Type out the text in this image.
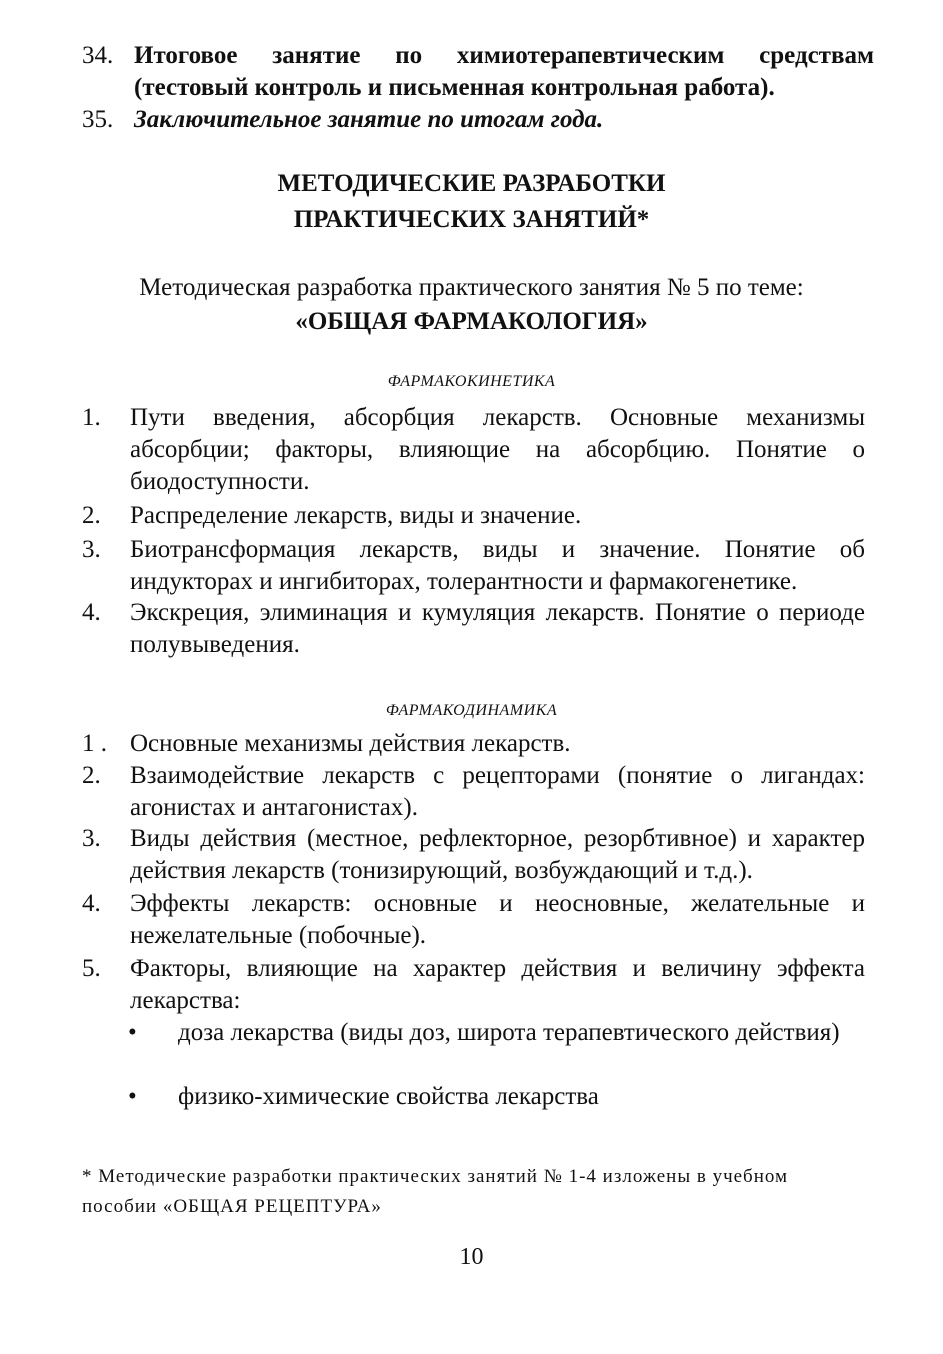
34. Итоговое занятие по химиотерапевтическим средствам (тестовый контроль и письменная контрольная работа).
35. Заключительное занятие по итогам года.
МЕТОДИЧЕСКИЕ РАЗРАБОТКИ
ПРАКТИЧЕСКИХ ЗАНЯТИЙ*
Методическая разработка практического занятия № 5 по теме:
«ОБЩАЯ ФАРМАКОЛОГИЯ»
ФАРМАКОКИНЕТИКА
1. Пути введения, абсорбция лекарств. Основные механизмы абсорбции; факторы, влияющие на абсорбцию. Понятие о биодоступности.
2. Распределение лекарств, виды и значение.
3. Биотрансформация лекарств, виды и значение. Понятие об индукторах и ингибиторах, толерантности и фармакогенетике.
4. Экскреция, элиминация и кумуляция лекарств. Понятие о периоде полувыведения.
ФАРМАКОДИНАМИКА
1 . Основные механизмы действия лекарств.
2. Взаимодействие лекарств с рецепторами (понятие о лигандах: агонистах и антагонистах).
3. Виды действия (местное, рефлекторное, резорбтивное) и характер действия лекарств (тонизирующий, возбуждающий и т.д.).
4. Эффекты лекарств: основные и неосновные, желательные и нежелательные (побочные).
5. Факторы, влияющие на характер действия и величину эффекта лекарства:
• доза лекарства (виды доз, широта терапевтического действия)
• физико-химические свойства лекарства
* Методические разработки практических занятий № 1-4 изложены в учебном пособии «ОБЩАЯ РЕЦЕПТУРА»
10
